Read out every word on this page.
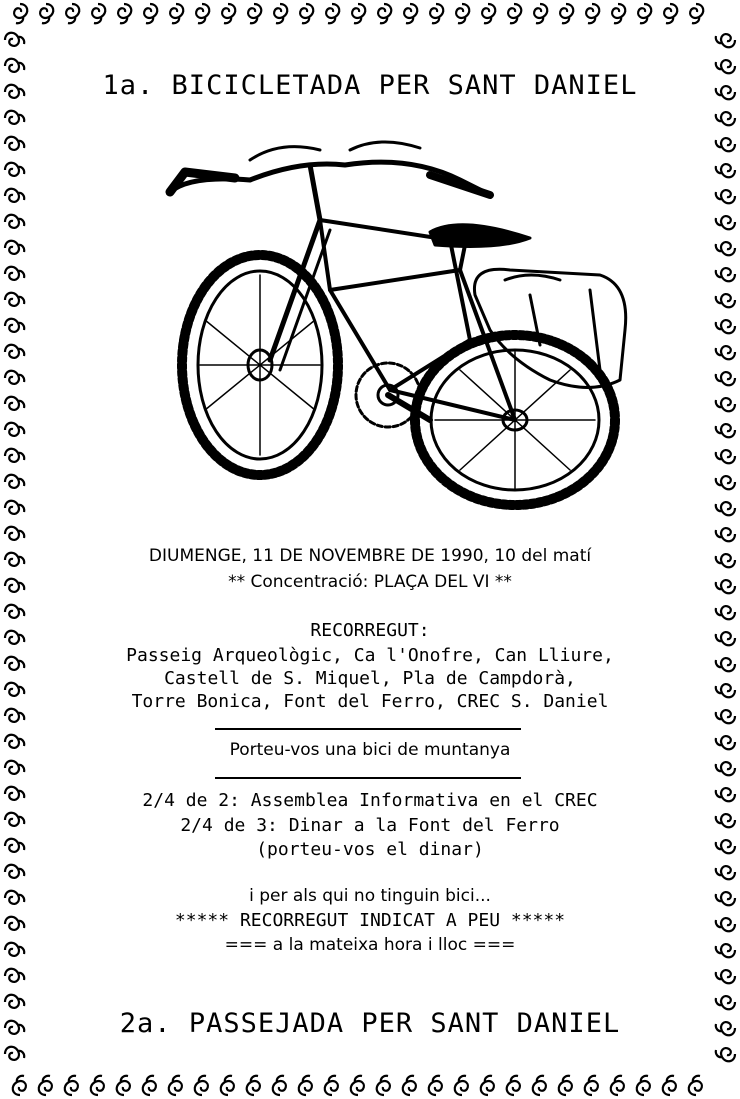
1a. BICICLETADA PER SANT DANIEL
~
DIUMENGE, 11 DE NOVEMBRE DE 1990, 10 del matí
** Concentració: PLAÇA DEL VI **
RECORREGUT:
Passeig Arqueològic, Ca l'Onofre, Can Lliure,
Castell de S. Miquel, Pla de Campdorà,
Torre Bonica, Font del Ferro, CREC S. Daniel
Porteu-vos una bici de muntanya
2/4 de 2: Assemblea Informativa en el CREC
2/4 de 3: Dinar a la Font del Ferro
(porteu-vos el dinar)
i per als qui no tinguin bici...
***** RECORREGUT INDICAT A PEU *****
=== a la mateixa hora i lloc ===
2a. PASSEJADA PER SANT DANIEL
